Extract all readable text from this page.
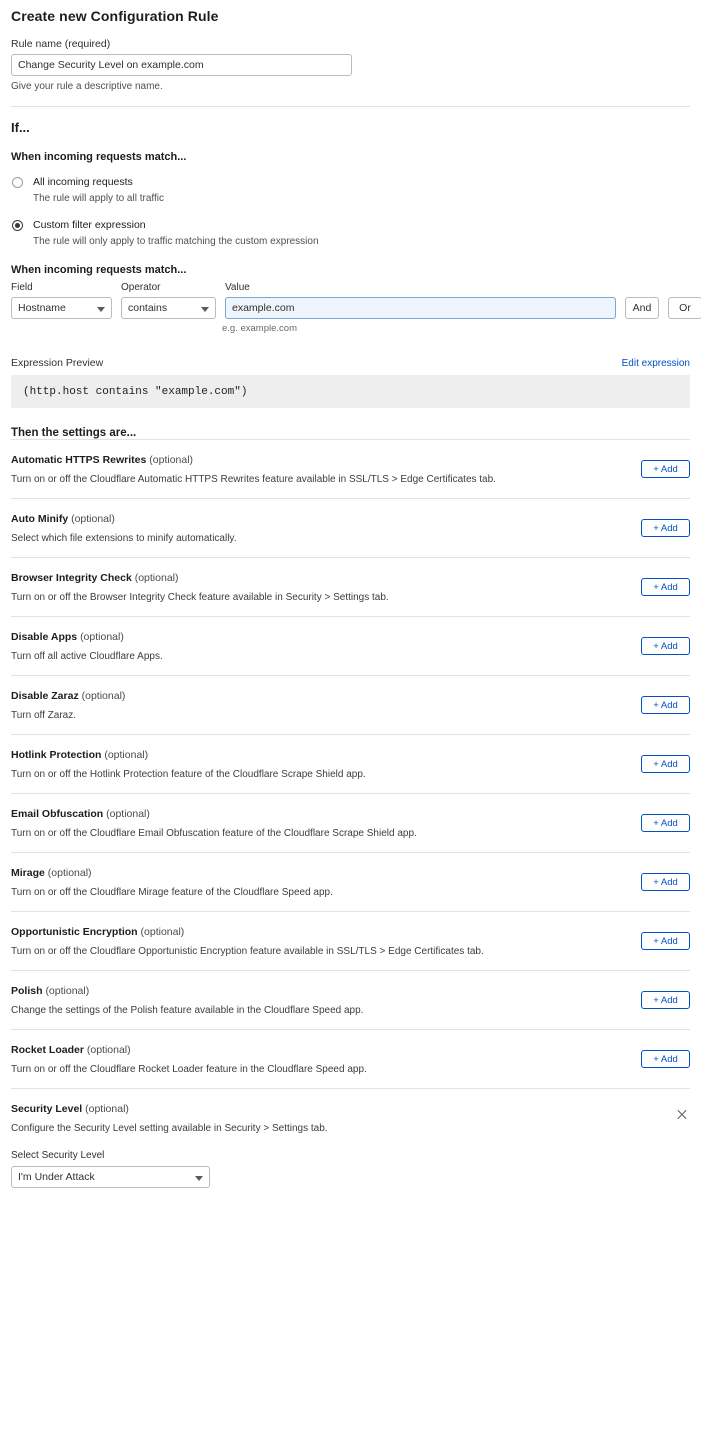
Create new Configuration Rule
Rule name (required)
Change Security Level on example.com
Give your rule a descriptive name.
If...
When incoming requests match...
All incoming requests
The rule will apply to all traffic
Custom filter expression
The rule will only apply to traffic matching the custom expression
When incoming requests match...
Field
Hostname
Operator
contains
Value
example.com
And	Or
e.g. example.com
Expression Preview	Edit expression
(http.host contains "example.com")
Then the settings are...
Automatic HTTPS Rewrites (optional)
Turn on or off the Cloudflare Automatic HTTPS Rewrites feature available in SSL/TLS > Edge Certificates tab.
+ Add
Auto Minify (optional)
Select which file extensions to minify automatically.
+ Add
Browser Integrity Check (optional)
Turn on or off the Browser Integrity Check feature available in Security > Settings tab.
+ Add
Disable Apps (optional)
Turn off all active Cloudflare Apps.
+ Add
Disable Zaraz (optional)
Turn off Zaraz.
+ Add
Hotlink Protection (optional)
Turn on or off the Hotlink Protection feature of the Cloudflare Scrape Shield app.
+ Add
Email Obfuscation (optional)
Turn on or off the Cloudflare Email Obfuscation feature of the Cloudflare Scrape Shield app.
+ Add
Mirage (optional)
Turn on or off the Cloudflare Mirage feature of the Cloudflare Speed app.
+ Add
Opportunistic Encryption (optional)
Turn on or off the Cloudflare Opportunistic Encryption feature available in SSL/TLS > Edge Certificates tab.
+ Add
Polish (optional)
Change the settings of the Polish feature available in the Cloudflare Speed app.
+ Add
Rocket Loader (optional)
Turn on or off the Cloudflare Rocket Loader feature in the Cloudflare Speed app.
+ Add
Security Level (optional)
Configure the Security Level setting available in Security > Settings tab.
Select Security Level
I'm Under Attack
